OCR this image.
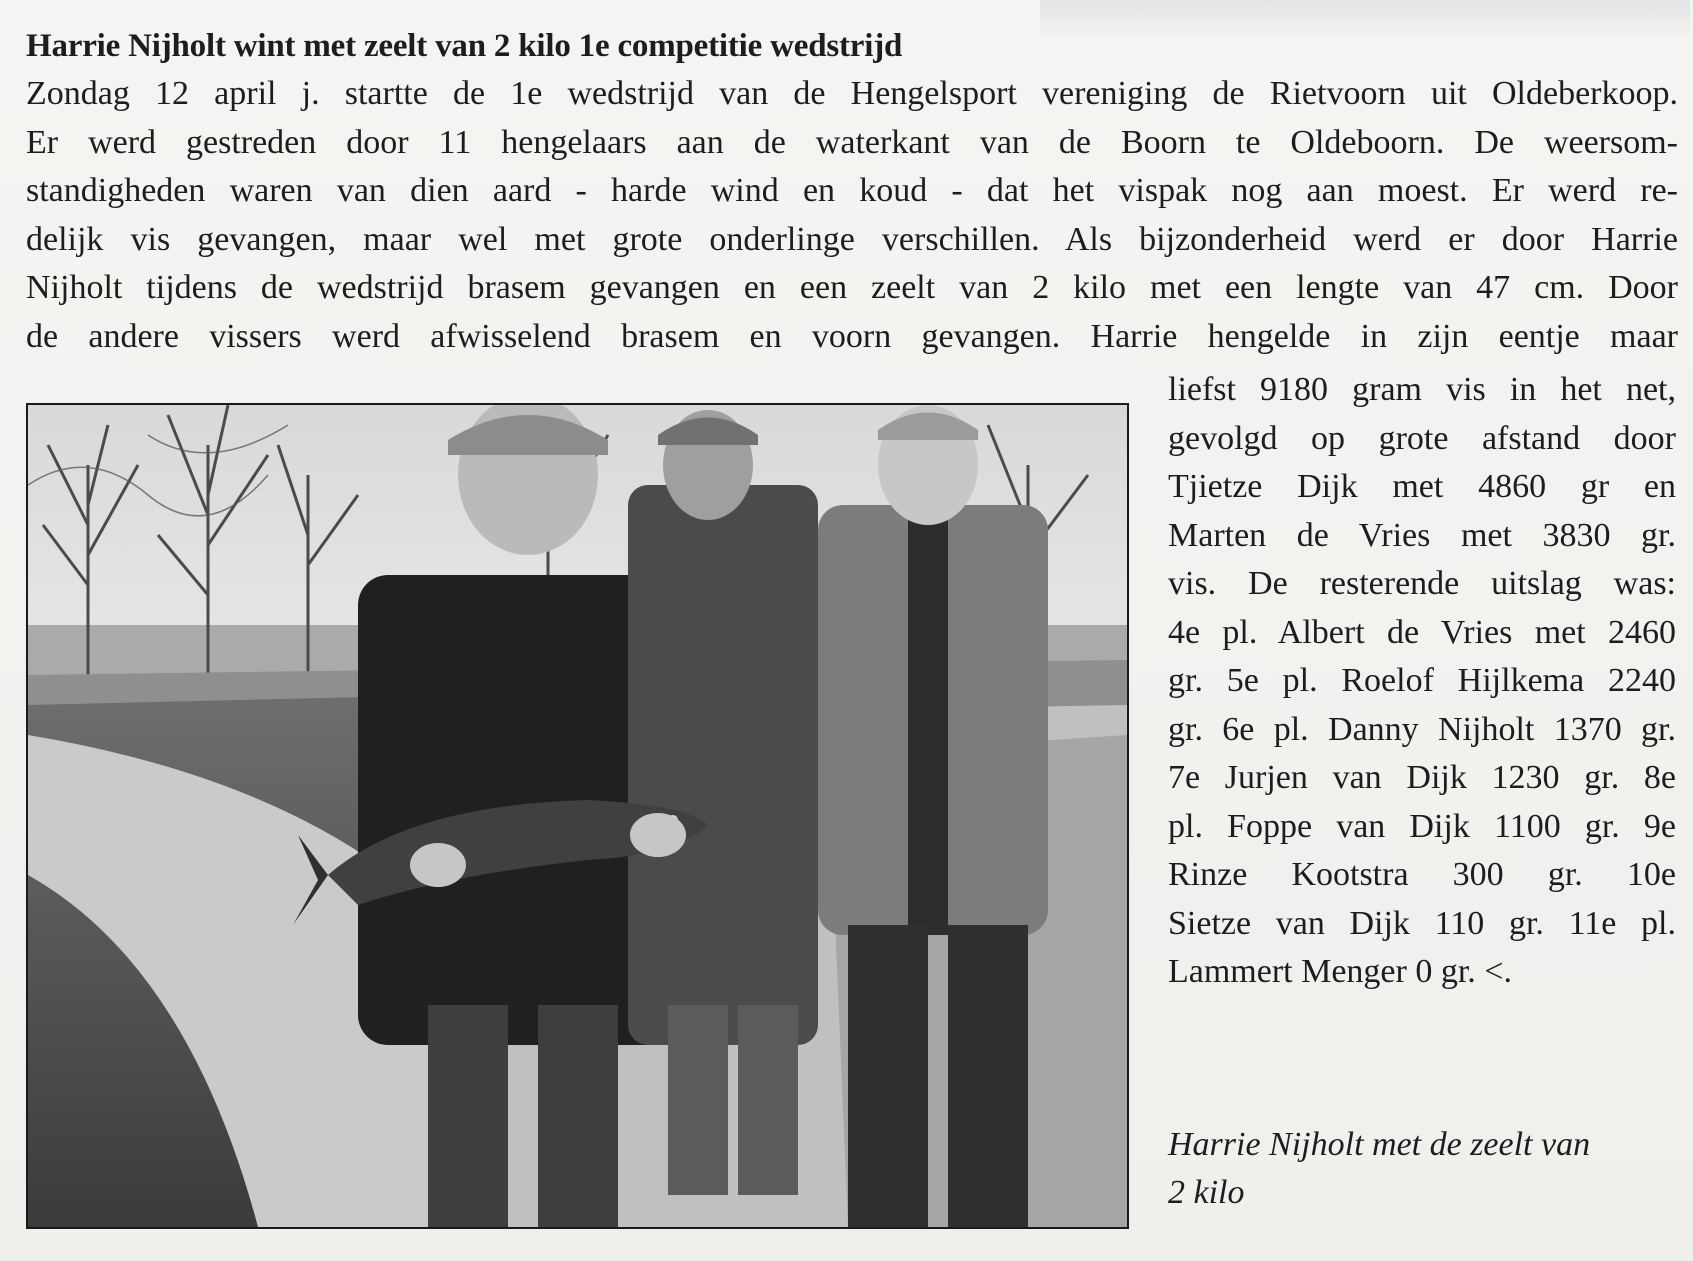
Harrie Nijholt wint met zeelt van 2 kilo 1e competitie wedstrijd
Zondag 12 april j. startte de 1e wedstrijd van de Hengelsport vereniging de Rietvoorn uit Oldeberkoop.
Er werd gestreden door 11 hengelaars aan de waterkant van de Boorn te Oldeboorn. De weersom-
standigheden waren van dien aard - harde wind en koud - dat het vispak nog aan moest. Er werd re-
delijk vis gevangen, maar wel met grote onderlinge verschillen. Als bijzonderheid werd er door Harrie
Nijholt tijdens de wedstrijd brasem gevangen en een zeelt van 2 kilo met een lengte van 47 cm. Door
de andere vissers werd afwisselend brasem en voorn gevangen. Harrie hengelde in zijn eentje maar
liefst 9180 gram vis in het net,
gevolgd op grote afstand door
Tjietze Dijk met 4860 gr en
Marten de Vries met 3830 gr.
vis. De resterende uitslag was:
4e pl. Albert de Vries met 2460
gr. 5e pl. Roelof Hijlkema 2240
gr. 6e pl. Danny Nijholt 1370 gr.
7e Jurjen van Dijk 1230 gr. 8e
pl. Foppe van Dijk 1100 gr. 9e
Rinze Kootstra 300 gr. 10e
Sietze van Dijk 110 gr. 11e pl.
Lammert Menger 0 gr. <.
Harrie Nijholt met de zeelt van
2 kilo
